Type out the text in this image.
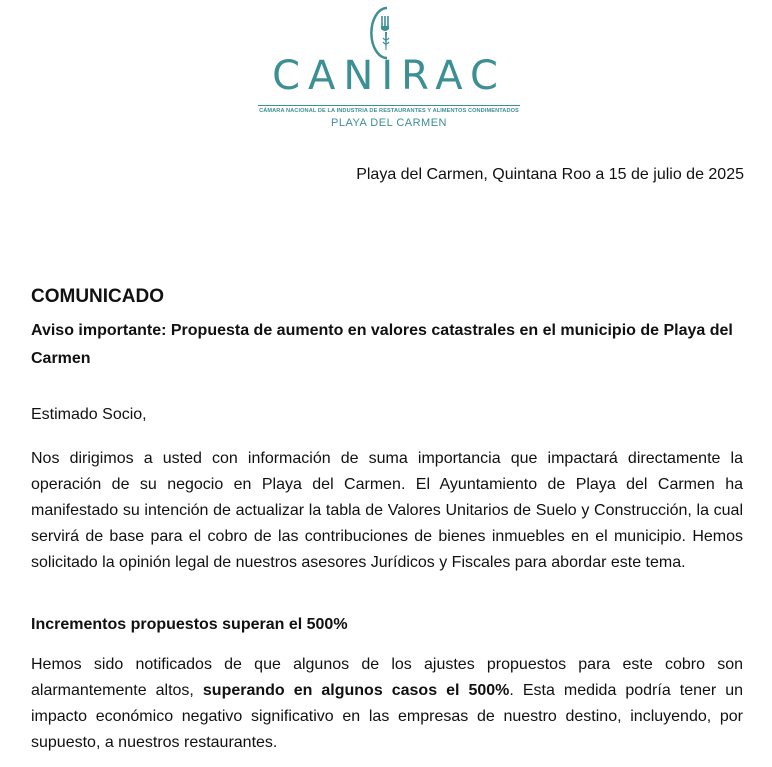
CANIRAC
CÁMARA NACIONAL DE LA INDUSTRIA DE RESTAURANTES Y ALIMENTOS CONDIMENTADOS
PLAYA DEL CARMEN
Playa del Carmen, Quintana Roo a 15 de julio de 2025
COMUNICADO
Aviso importante: Propuesta de aumento en valores catastrales en el municipio de Playa del Carmen
Estimado Socio,
Nos dirigimos a usted con información de suma importancia que impactará directamente la operación de su negocio en Playa del Carmen. El Ayuntamiento de Playa del Carmen ha manifestado su intención de actualizar la tabla de Valores Unitarios de Suelo y Construcción, la cual servirá de base para el cobro de las contribuciones de bienes inmuebles en el municipio. Hemos solicitado la opinión legal de nuestros asesores Jurídicos y Fiscales para abordar este tema.
Incrementos propuestos superan el 500%
Hemos sido notificados de que algunos de los ajustes propuestos para este cobro son alarmantemente altos, superando en algunos casos el 500%. Esta medida podría tener un impacto económico negativo significativo en las empresas de nuestro destino, incluyendo, por supuesto, a nuestros restaurantes.
